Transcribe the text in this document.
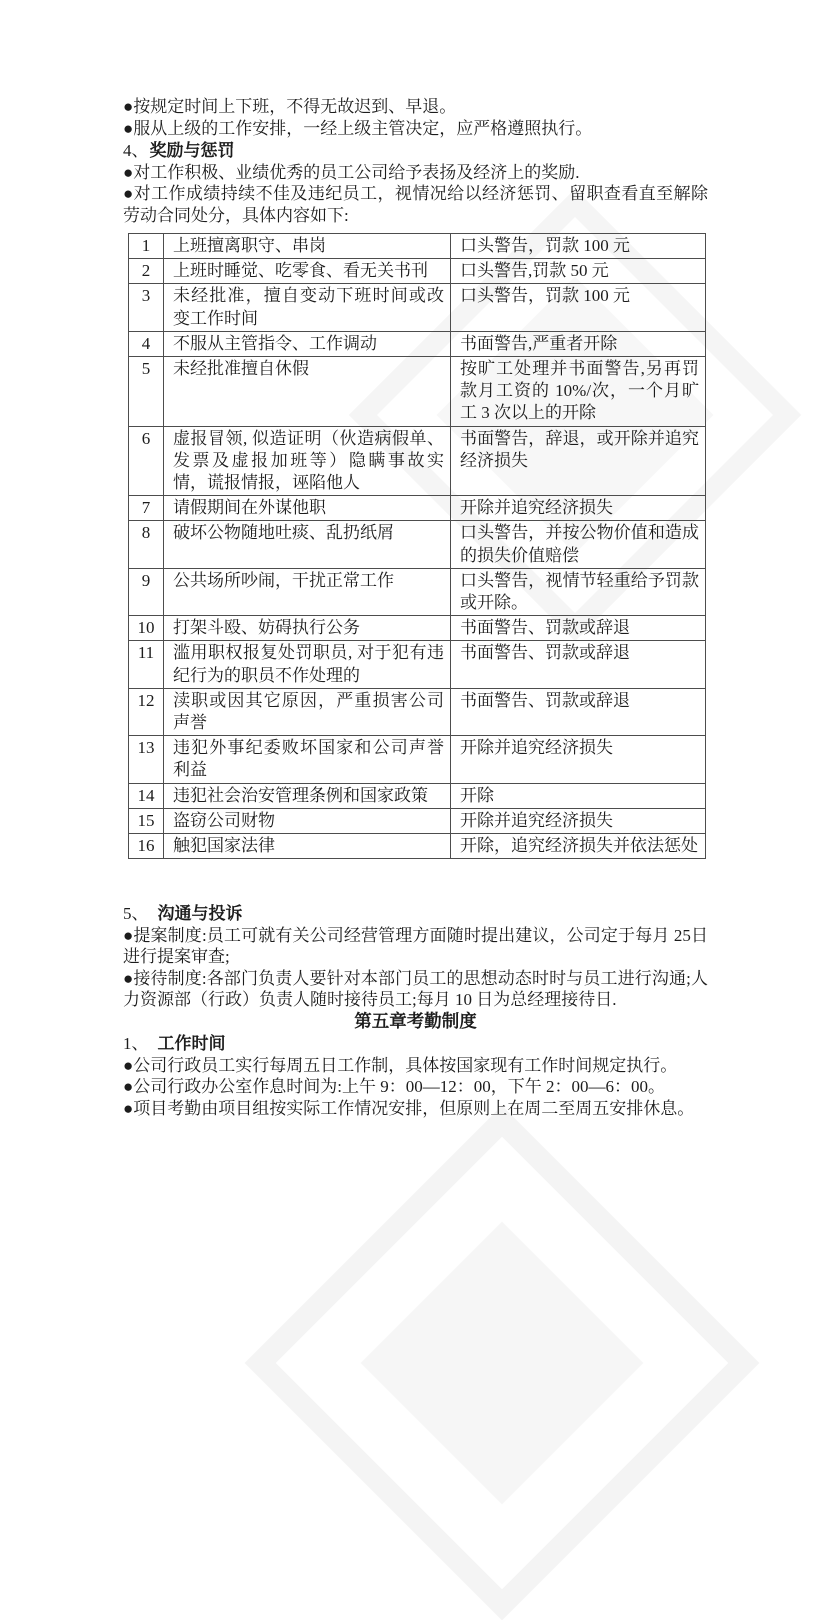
●按规定时间上下班，不得无故迟到、早退。
●服从上级的工作安排，一经上级主管决定，应严格遵照执行。
4、奖励与惩罚
●对工作积极、业绩优秀的员工公司给予表扬及经济上的奖励.
●对工作成绩持续不佳及违纪员工，视情况给以经济惩罚、留职查看直至解除劳动合同处分，具体内容如下:
1	上班擅离职守、串岗	口头警告，罚款 100 元
2	上班时睡觉、吃零食、看无关书刊	口头警告,罚款 50 元
3	未经批准，擅自变动下班时间或改变工作时间	口头警告，罚款 100 元
4	不服从主管指令、工作调动	书面警告,严重者开除
5	未经批准擅自休假	按旷工处理并书面警告,另再罚款月工资的 10%/次，一个月旷工 3 次以上的开除
6	虚报冒领, 似造证明（伙造病假单、发票及虚报加班等）隐瞒事故实情，谎报情报，诬陷他人	书面警告，辞退，或开除并追究经济损失
7	请假期间在外谋他职	开除并追究经济损失
8	破坏公物随地吐痰、乱扔纸屑	口头警告，并按公物价值和造成的损失价值赔偿
9	公共场所吵闹，干扰正常工作	口头警告，视情节轻重给予罚款或开除。
10	打架斗殴、妨碍执行公务	书面警告、罚款或辞退
11	滥用职权报复处罚职员, 对于犯有违纪行为的职员不作处理的	书面警告、罚款或辞退
12	渎职或因其它原因，严重损害公司声誉	书面警告、罚款或辞退
13	违犯外事纪委败坏国家和公司声誉利益	开除并追究经济损失
14	违犯社会治安管理条例和国家政策	开除
15	盗窃公司财物	开除并追究经济损失
16	触犯国家法律	开除，追究经济损失并依法惩处
5、 沟通与投诉
●提案制度:员工可就有关公司经营管理方面随时提出建议，公司定于每月 25日进行提案审查;
●接待制度:各部门负责人要针对本部门员工的思想动态时时与员工进行沟通;人力资源部（行政）负责人随时接待员工;每月 10 日为总经理接待日.
第五章考勤制度
1、 工作时间
●公司行政员工实行每周五日工作制，具体按国家现有工作时间规定执行。
●公司行政办公室作息时间为:上午 9：00—12：00，下午 2：00—6：00。
●项目考勤由项目组按实际工作情况安排，但原则上在周二至周五安排休息。
